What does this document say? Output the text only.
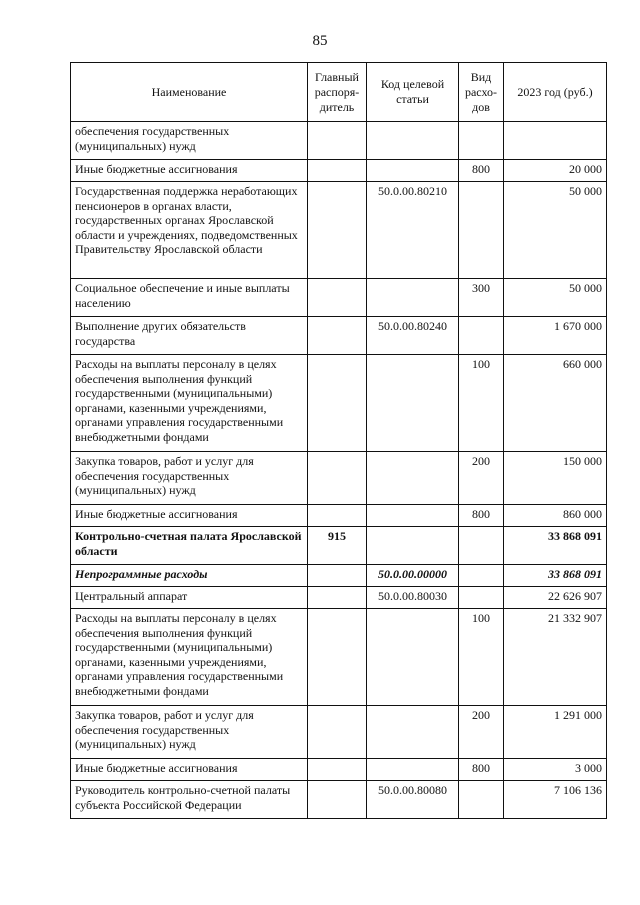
85
Наименование	Главный распоря-дитель	Код целевой статьи	Вид расхо-дов	2023 год (руб.)
обеспечения государственных (муниципальных) нужд				
Иные бюджетные ассигнования			800	20 000
Государственная поддержка неработающих пенсионеров в органах власти, государственных органах Ярославской области и учреждениях, подведомственных Правительству Ярославской области		50.0.00.80210		50 000
Социальное обеспечение и иные выплаты населению			300	50 000
Выполнение других обязательств государства		50.0.00.80240		1 670 000
Расходы на выплаты персоналу в целях обеспечения выполнения функций государственными (муниципальными) органами, казенными учреждениями, органами управления государственными внебюджетными фондами			100	660 000
Закупка товаров, работ и услуг для обеспечения государственных (муниципальных) нужд			200	150 000
Иные бюджетные ассигнования			800	860 000
Контрольно-счетная палата Ярославской области	915			33 868 091
Непрограммные расходы		50.0.00.00000		33 868 091
Центральный аппарат		50.0.00.80030		22 626 907
Расходы на выплаты персоналу в целях обеспечения выполнения функций государственными (муниципальными) органами, казенными учреждениями, органами управления государственными внебюджетными фондами			100	21 332 907
Закупка товаров, работ и услуг для обеспечения государственных (муниципальных) нужд			200	1 291 000
Иные бюджетные ассигнования			800	3 000
Руководитель контрольно-счетной палаты субъекта Российской Федерации		50.0.00.80080		7 106 136
